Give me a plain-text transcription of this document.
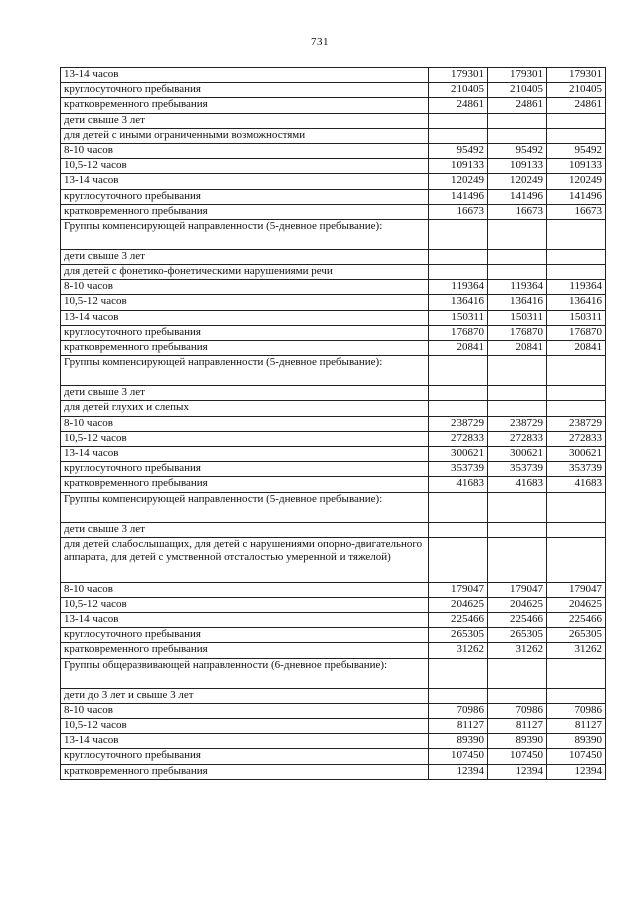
731
13-14 часов	179301	179301	179301
круглосуточного пребывания	210405	210405	210405
кратковременного пребывания	24861	24861	24861
дети свыше 3 лет			
для детей с иными ограниченными возможностями			
8-10 часов	95492	95492	95492
10,5-12 часов	109133	109133	109133
13-14 часов	120249	120249	120249
круглосуточного пребывания	141496	141496	141496
кратковременного пребывания	16673	16673	16673
Группы компенсирующей направленности (5-дневное пребывание):			
дети свыше 3 лет			
для детей с фонетико-фонетическими нарушениями речи			
8-10 часов	119364	119364	119364
10,5-12 часов	136416	136416	136416
13-14 часов	150311	150311	150311
круглосуточного пребывания	176870	176870	176870
кратковременного пребывания	20841	20841	20841
Группы компенсирующей направленности (5-дневное пребывание):			
дети свыше 3 лет			
для детей глухих и слепых			
8-10 часов	238729	238729	238729
10,5-12 часов	272833	272833	272833
13-14 часов	300621	300621	300621
круглосуточного пребывания	353739	353739	353739
кратковременного пребывания	41683	41683	41683
Группы компенсирующей направленности (5-дневное пребывание):			
дети свыше 3 лет			
для детей слабослышащих, для детей с нарушениями опорно-двигательного аппарата, для детей с умственной отсталостью умеренной и тяжелой)			
8-10 часов	179047	179047	179047
10,5-12 часов	204625	204625	204625
13-14 часов	225466	225466	225466
круглосуточного пребывания	265305	265305	265305
кратковременного пребывания	31262	31262	31262
Группы общеразвивающей направленности (6-дневное пребывание):			
дети до 3 лет и свыше 3 лет			
8-10 часов	70986	70986	70986
10,5-12 часов	81127	81127	81127
13-14 часов	89390	89390	89390
круглосуточного пребывания	107450	107450	107450
кратковременного пребывания	12394	12394	12394
